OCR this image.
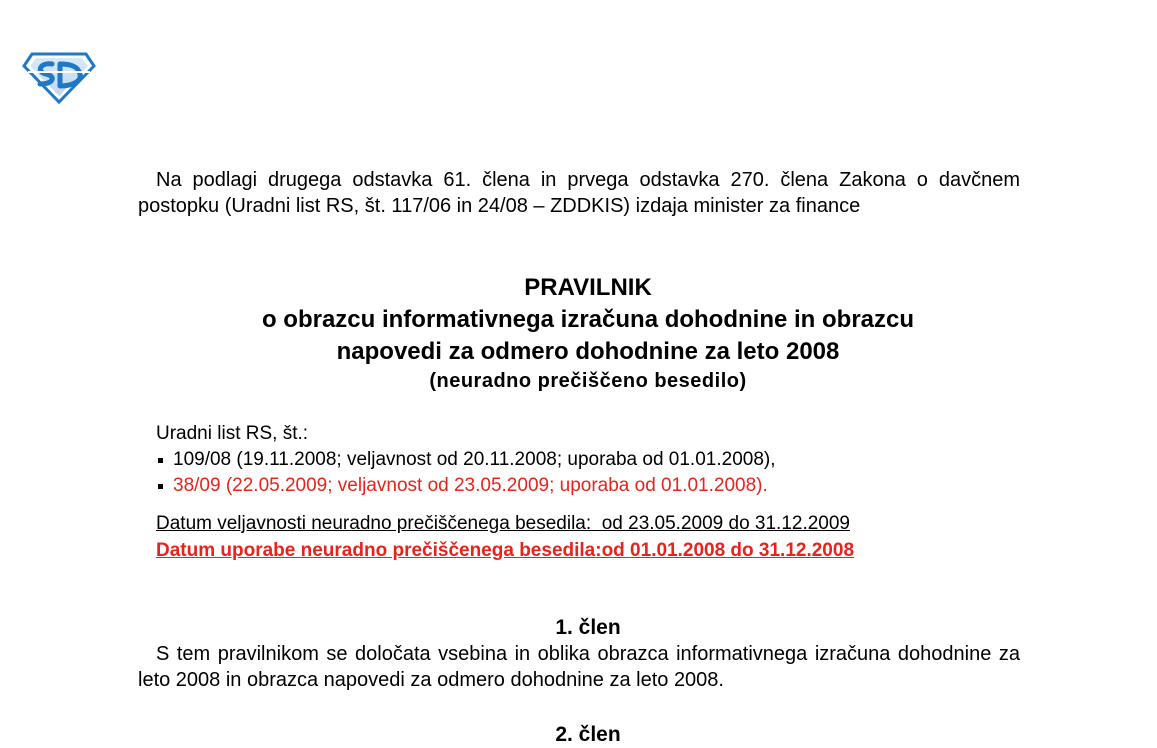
Na podlagi drugega odstavka 61. člena in prvega odstavka 270. člena Zakona o davčnem postopku (Uradni list RS, št. 117/06 in 24/08 – ZDDKIS) izdaja minister za finance

PRAVILNIK
o obrazcu informativnega izračuna dohodnine in obrazcu napovedi za odmero dohodnine za leto 2008
(neuradno prečiščeno besedilo)
Uradni list RS, št.:
109/08 (19.11.2008; veljavnost od 20.11.2008; uporaba od 01.01.2008),
38/09 (22.05.2009; veljavnost od 23.05.2009; uporaba od 01.01.2008).
Datum veljavnosti neuradno prečiščenega besedila:  od 23.05.2009 do 31.12.2009
Datum uporabe neuradno prečiščenega besedila:od 01.01.2008 do 31.12.2008
1. člen

S tem pravilnikom se določata vsebina in oblika obrazca informativnega izračuna dohodnine za leto 2008 in obrazca napovedi za odmero dohodnine za leto 2008.

2. člen
